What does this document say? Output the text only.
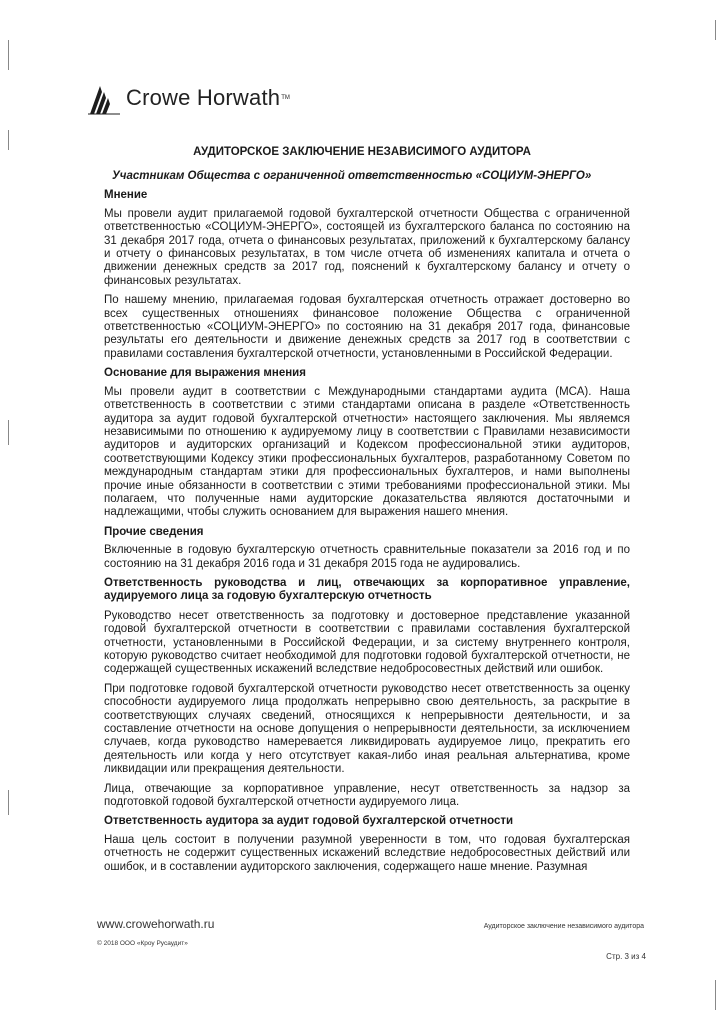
Crowe Horwath TM
АУДИТОРСКОЕ ЗАКЛЮЧЕНИЕ НЕЗАВИСИМОГО АУДИТОРА

Участникам Общества с ограниченной ответственностью «СОЦИУМ-ЭНЕРГО»

Мнение

Мы провели аудит прилагаемой годовой бухгалтерской отчетности Общества с ограниченной ответственностью «СОЦИУМ-ЭНЕРГО», состоящей из бухгалтерского баланса по состоянию на 31 декабря 2017 года, отчета о финансовых результатах, приложений к бухгалтерскому балансу и отчету о финансовых результатах, в том числе отчета об изменениях капитала и отчета о движении денежных средств за 2017 год, пояснений к бухгалтерскому балансу и отчету о финансовых результатах.

По нашему мнению, прилагаемая годовая бухгалтерская отчетность отражает достоверно во всех существенных отношениях финансовое положение Общества с ограниченной ответственностью «СОЦИУМ-ЭНЕРГО» по состоянию на 31 декабря 2017 года, финансовые результаты его деятельности и движение денежных средств за 2017 год в соответствии с правилами составления бухгалтерской отчетности, установленными в Российской Федерации.

Основание для выражения мнения

Мы провели аудит в соответствии с Международными стандартами аудита (МСА). Наша ответственность в соответствии с этими стандартами описана в разделе «Ответственность аудитора за аудит годовой бухгалтерской отчетности» настоящего заключения. Мы являемся независимыми по отношению к аудируемому лицу в соответствии с Правилами независимости аудиторов и аудиторских организаций и Кодексом профессиональной этики аудиторов, соответствующими Кодексу этики профессиональных бухгалтеров, разработанному Советом по международным стандартам этики для профессиональных бухгалтеров, и нами выполнены прочие иные обязанности в соответствии с этими требованиями профессиональной этики. Мы полагаем, что полученные нами аудиторские доказательства являются достаточными и надлежащими, чтобы служить основанием для выражения нашего мнения.

Прочие сведения

Включенные в годовую бухгалтерскую отчетность сравнительные показатели за 2016 год и по состоянию на 31 декабря 2016 года и 31 декабря 2015 года не аудировались.

Ответственность руководства и лиц, отвечающих за корпоративное управление, аудируемого лица за годовую бухгалтерскую отчетность

Руководство несет ответственность за подготовку и достоверное представление указанной годовой бухгалтерской отчетности в соответствии с правилами составления бухгалтерской отчетности, установленными в Российской Федерации, и за систему внутреннего контроля, которую руководство считает необходимой для подготовки годовой бухгалтерской отчетности, не содержащей существенных искажений вследствие недобросовестных действий или ошибок.

При подготовке годовой бухгалтерской отчетности руководство несет ответственность за оценку способности аудируемого лица продолжать непрерывно свою деятельность, за раскрытие в соответствующих случаях сведений, относящихся к непрерывности деятельности, и за составление отчетности на основе допущения о непрерывности деятельности, за исключением случаев, когда руководство намеревается ликвидировать аудируемое лицо, прекратить его деятельность или когда у него отсутствует какая-либо иная реальная альтернатива, кроме ликвидации или прекращения деятельности.

Лица, отвечающие за корпоративное управление, несут ответственность за надзор за подготовкой годовой бухгалтерской отчетности аудируемого лица.

Ответственность аудитора за аудит годовой бухгалтерской отчетности

Наша цель состоит в получении разумной уверенности в том, что годовая бухгалтерская отчетность не содержит существенных искажений вследствие недобросовестных действий или ошибок, и в составлении аудиторского заключения, содержащего наше мнение. Разумная

www.crowehorwath.ru	Аудиторское заключение независимого аудитора
© 2018 ООО «Кроу Русаудит»
Стр. 3 из 4
